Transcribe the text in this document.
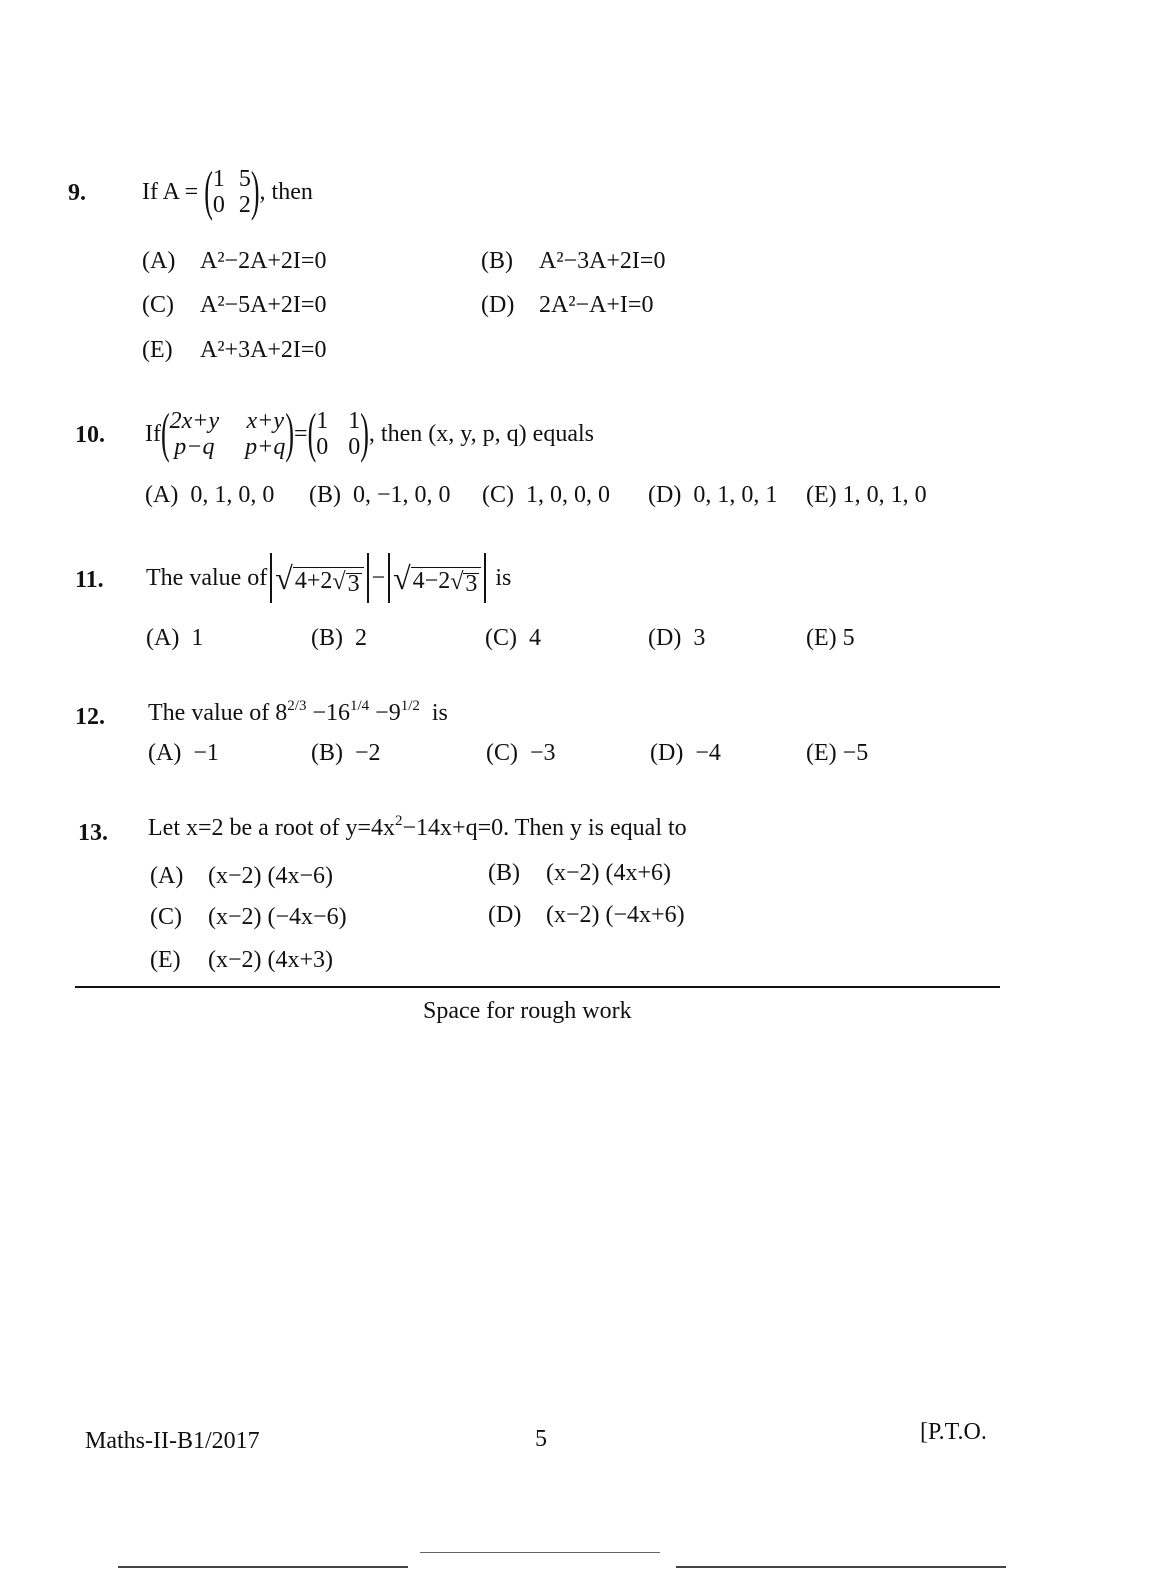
9. If A =
( 1 5
0 2 ) , then
(A) A²−2A+2I=0	(B) A²−3A+2I=0
(C) A²−5A+2I=0	(D) 2A²−A+I=0
(E) A²+3A+2I=0
10. If ( 2x+y x+y
p−q p+q ) = ( 1 1
0 0 ) , then (x, y, p, q) equals
(A) 0, 1, 0, 0 (B) 0, −1, 0, 0 (C) 1, 0, 0, 0 (D) 0, 1, 0, 1 (E) 1, 0, 1, 0
11. The value of √ 4+2 √ 3 − √ 4−2 √ 3
is
(A) 1	(B) 2	(C) 4	(D) 3	(E) 5
12. The value of $8^{2/3} -16^{1/4} -9^{1/2}$ is
(A) −1	(B) −2	(C) −3	(D) −4	(E) −5
13. Let x=2 be a root of $y=4x^2-14x+q=0$. Then y is equal to
(A) (x−2) (4x−6)	(B) (x−2) (4x+6)
(C) (x−2) (−4x−6)	(D) (x−2) (−4x+6)
(E) (x−2) (4x+3)
Space for rough work
Maths-II-B1/2017	5	[P.T.O.
